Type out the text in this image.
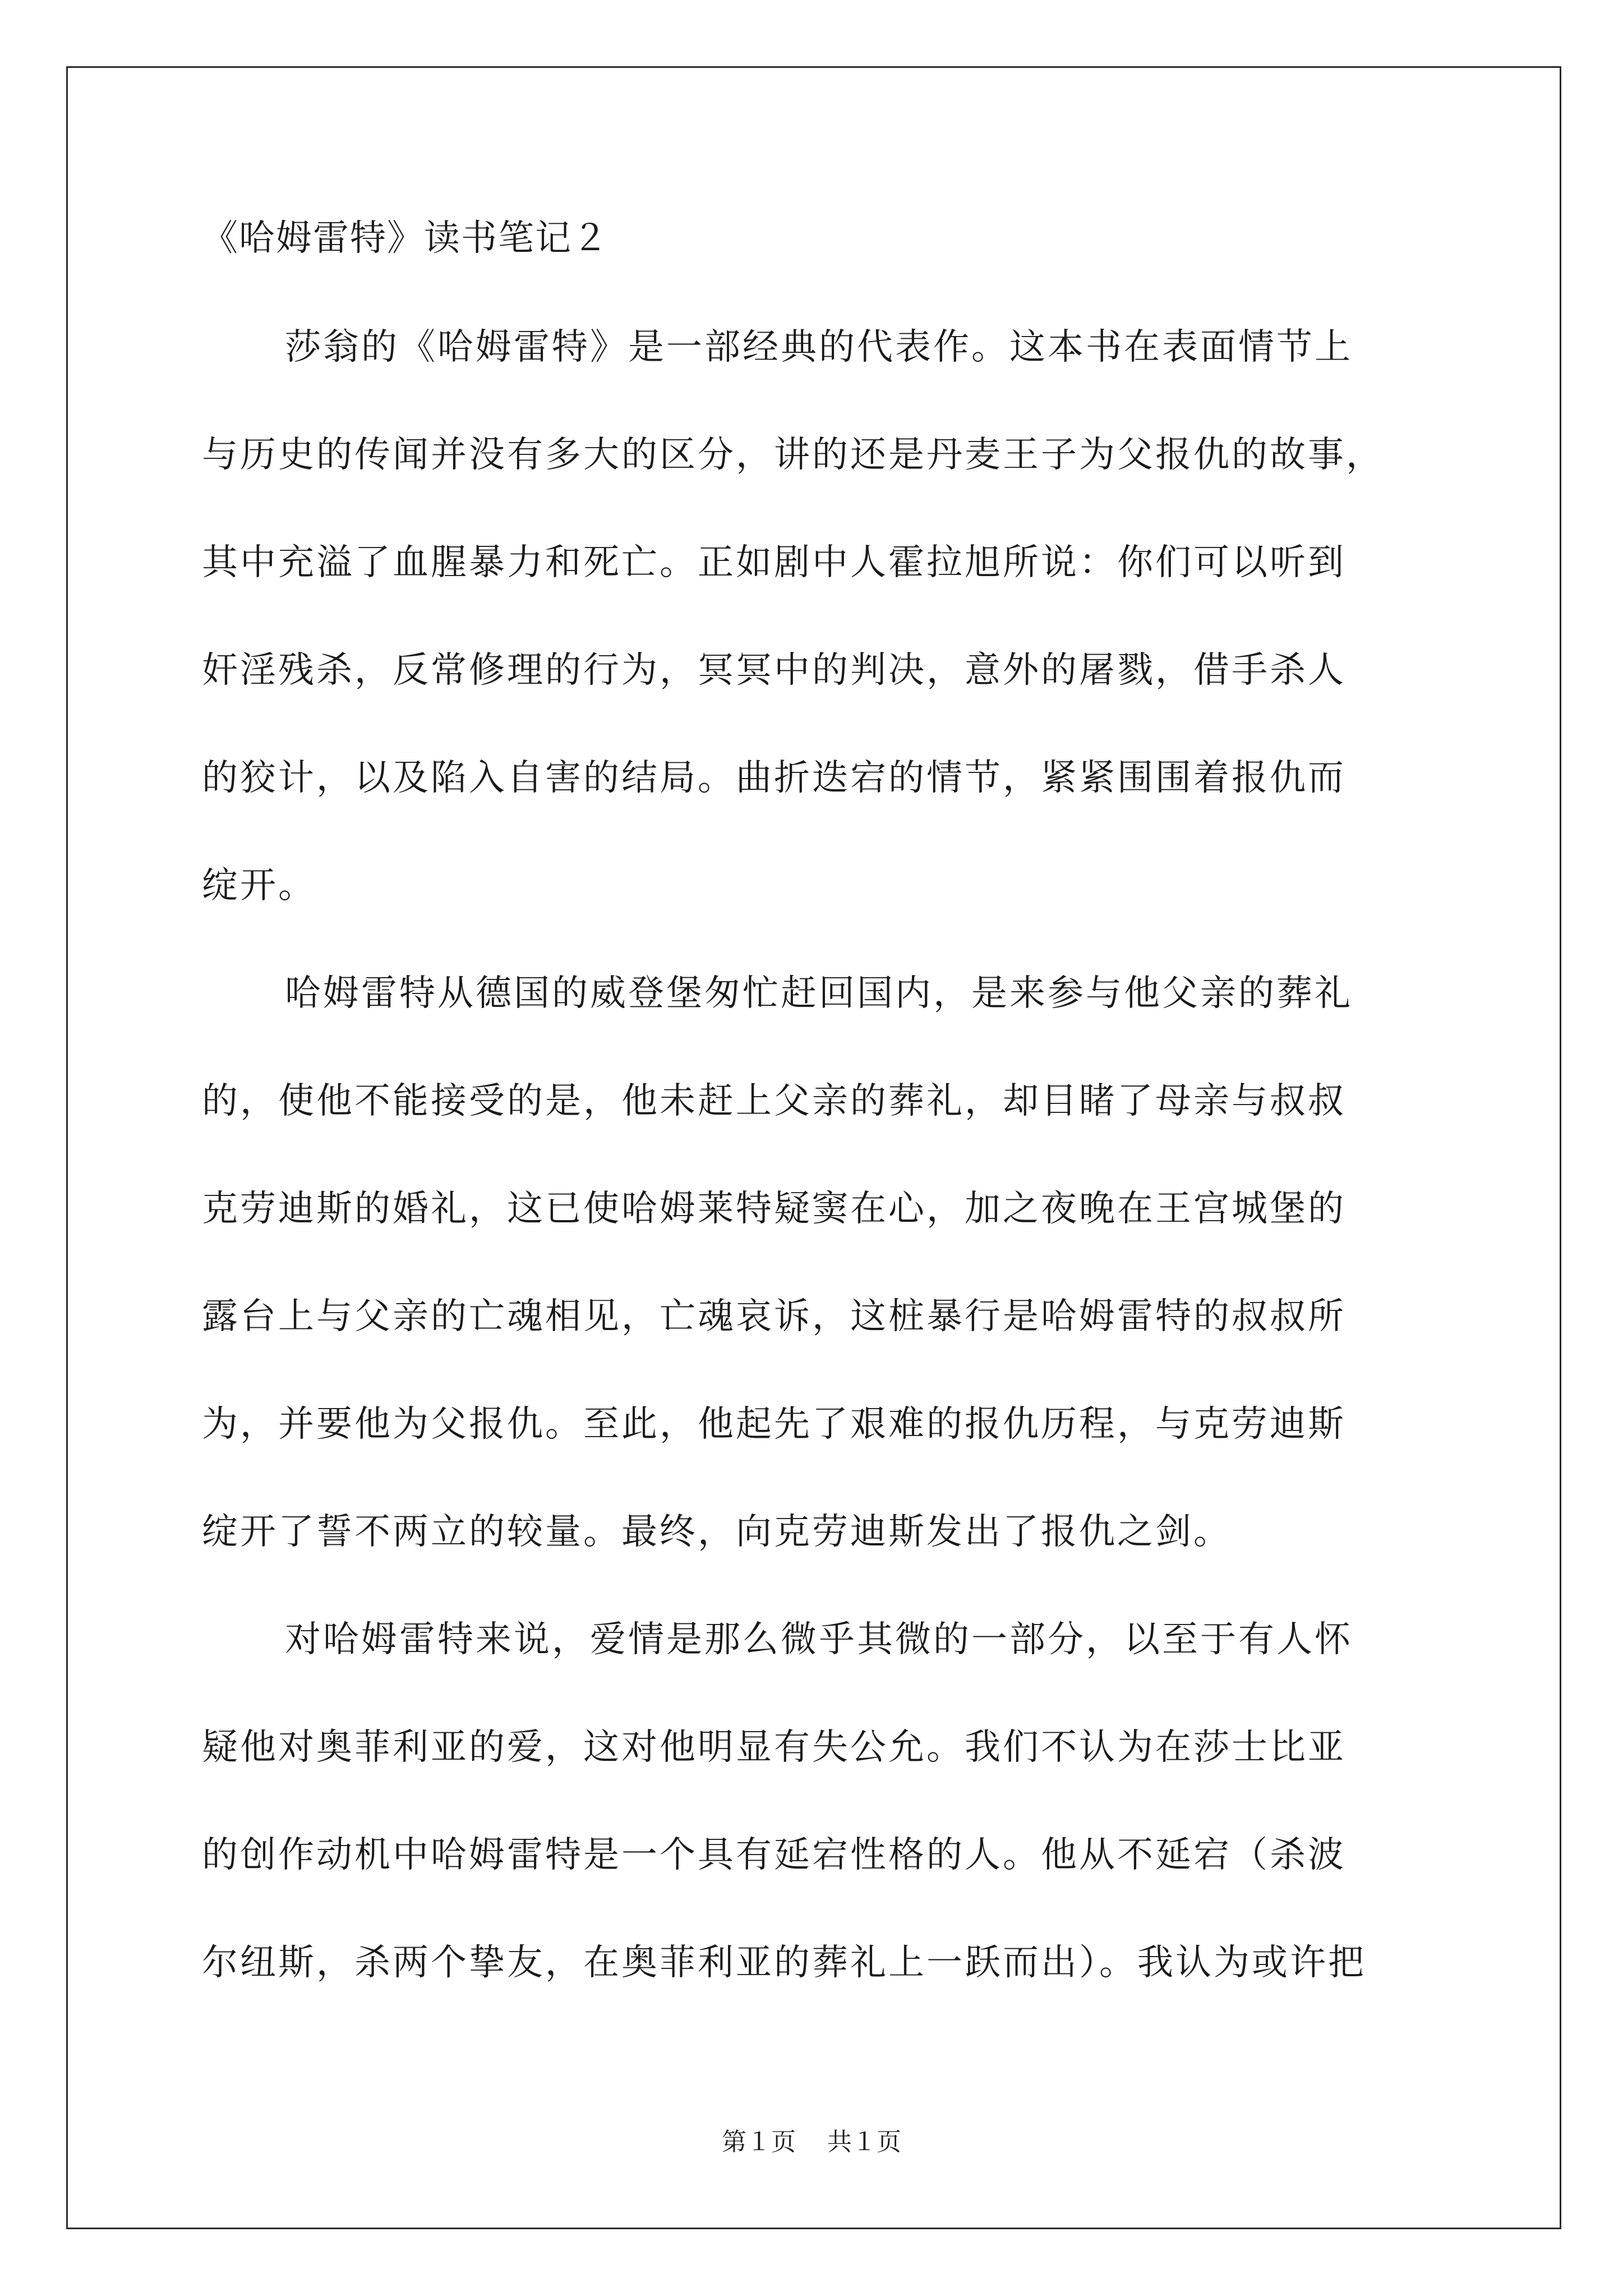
《哈姆雷特》读书笔记２
莎翁的《哈姆雷特》是一部经典的代表作。这本书在表面情节上
与历史的传闻并没有多大的区分，讲的还是丹麦王子为父报仇的故事，
其中充溢了血腥暴力和死亡。正如剧中人霍拉旭所说：你们可以听到
奸淫残杀，反常修理的行为，冥冥中的判决，意外的屠戮，借手杀人
的狡计，以及陷入自害的结局。曲折迭宕的情节，紧紧围围着报仇而
绽开。
哈姆雷特从德国的威登堡匆忙赶回国内，是来参与他父亲的葬礼
的，使他不能接受的是，他未赶上父亲的葬礼，却目睹了母亲与叔叔
克劳迪斯的婚礼，这已使哈姆莱特疑窦在心，加之夜晚在王宫城堡的
露台上与父亲的亡魂相见，亡魂哀诉，这桩暴行是哈姆雷特的叔叔所
为，并要他为父报仇。至此，他起先了艰难的报仇历程，与克劳迪斯
绽开了誓不两立的较量。最终，向克劳迪斯发出了报仇之剑。
对哈姆雷特来说，爱情是那么微乎其微的一部分，以至于有人怀
疑他对奥菲利亚的爱，这对他明显有失公允。我们不认为在莎士比亚
的创作动机中哈姆雷特是一个具有延宕性格的人。他从不延宕（杀波
尔纽斯，杀两个挚友，在奥菲利亚的葬礼上一跃而出）。我认为或许把
第１页 共１页
